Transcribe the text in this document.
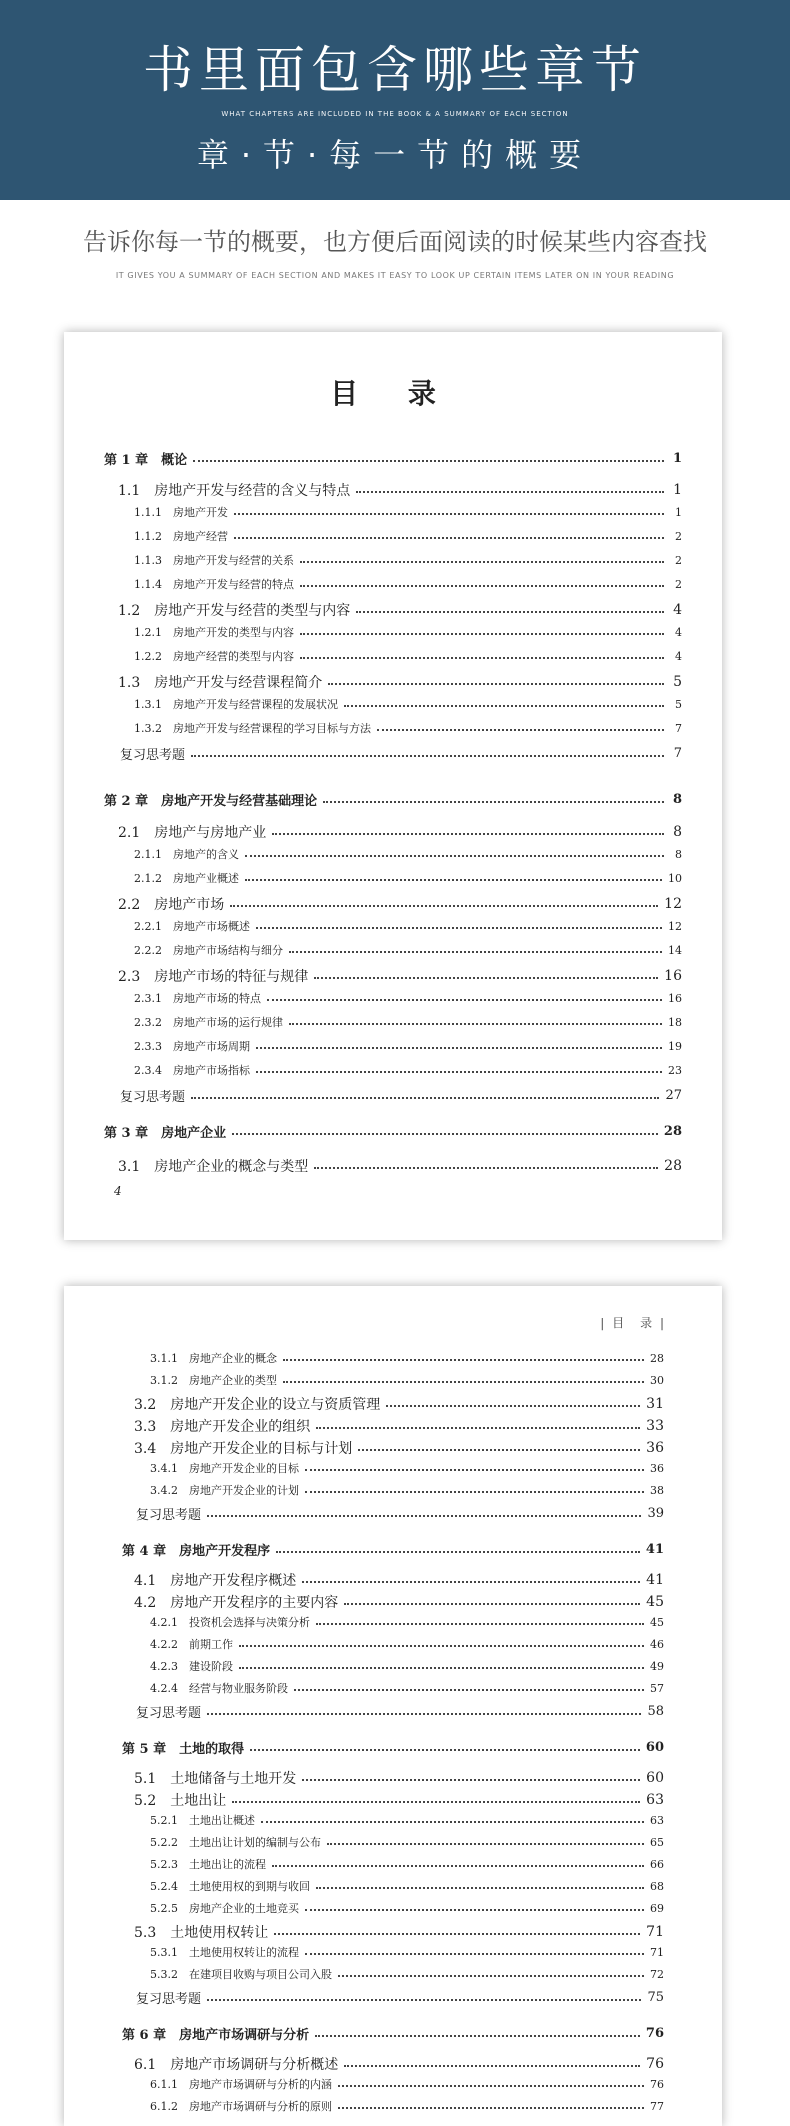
书里面包含哪些章节
WHAT CHAPTERS ARE INCLUDED IN THE BOOK & A SUMMARY OF EACH SECTION
章·节·每一节的概要
告诉你每一节的概要，也方便后面阅读的时候某些内容查找
IT GIVES YOU A SUMMARY OF EACH SECTION AND MAKES IT EASY TO LOOK UP CERTAIN ITEMS LATER ON IN YOUR READING
目 录
4
第 1 章　概论	1
1.1　房地产开发与经营的含义与特点	1
1.1.1　房地产开发	1
1.1.2　房地产经营	2
1.1.3　房地产开发与经营的关系	2
1.1.4　房地产开发与经营的特点	2
1.2　房地产开发与经营的类型与内容	4
1.2.1　房地产开发的类型与内容	4
1.2.2　房地产经营的类型与内容	4
1.3　房地产开发与经营课程简介	5
1.3.1　房地产开发与经营课程的发展状况	5
1.3.2　房地产开发与经营课程的学习目标与方法	7
复习思考题	7
第 2 章　房地产开发与经营基础理论	8
2.1　房地产与房地产业	8
2.1.1　房地产的含义	8
2.1.2　房地产业概述	10
2.2　房地产市场	12
2.2.1　房地产市场概述	12
2.2.2　房地产市场结构与细分	14
2.3　房地产市场的特征与规律	16
2.3.1　房地产市场的特点	16
2.3.2　房地产市场的运行规律	18
2.3.3　房地产市场周期	19
2.3.4　房地产市场指标	23
复习思考题	27
第 3 章　房地产企业	28
3.1　房地产企业的概念与类型	28
| 目　录 |
3.1.1　房地产企业的概念	28
3.1.2　房地产企业的类型	30
3.2　房地产开发企业的设立与资质管理	31
3.3　房地产开发企业的组织	33
3.4　房地产开发企业的目标与计划	36
3.4.1　房地产开发企业的目标	36
3.4.2　房地产开发企业的计划	38
复习思考题	39
第 4 章　房地产开发程序	41
4.1　房地产开发程序概述	41
4.2　房地产开发程序的主要内容	45
4.2.1　投资机会选择与决策分析	45
4.2.2　前期工作	46
4.2.3　建设阶段	49
4.2.4　经营与物业服务阶段	57
复习思考题	58
第 5 章　土地的取得	60
5.1　土地储备与土地开发	60
5.2　土地出让	63
5.2.1　土地出让概述	63
5.2.2　土地出让计划的编制与公布	65
5.2.3　土地出让的流程	66
5.2.4　土地使用权的到期与收回	68
5.2.5　房地产企业的土地竞买	69
5.3　土地使用权转让	71
5.3.1　土地使用权转让的流程	71
5.3.2　在建项目收购与项目公司入股	72
复习思考题	75
第 6 章　房地产市场调研与分析	76
6.1　房地产市场调研与分析概述	76
6.1.1　房地产市场调研与分析的内涵	76
6.1.2　房地产市场调研与分析的原则	77
